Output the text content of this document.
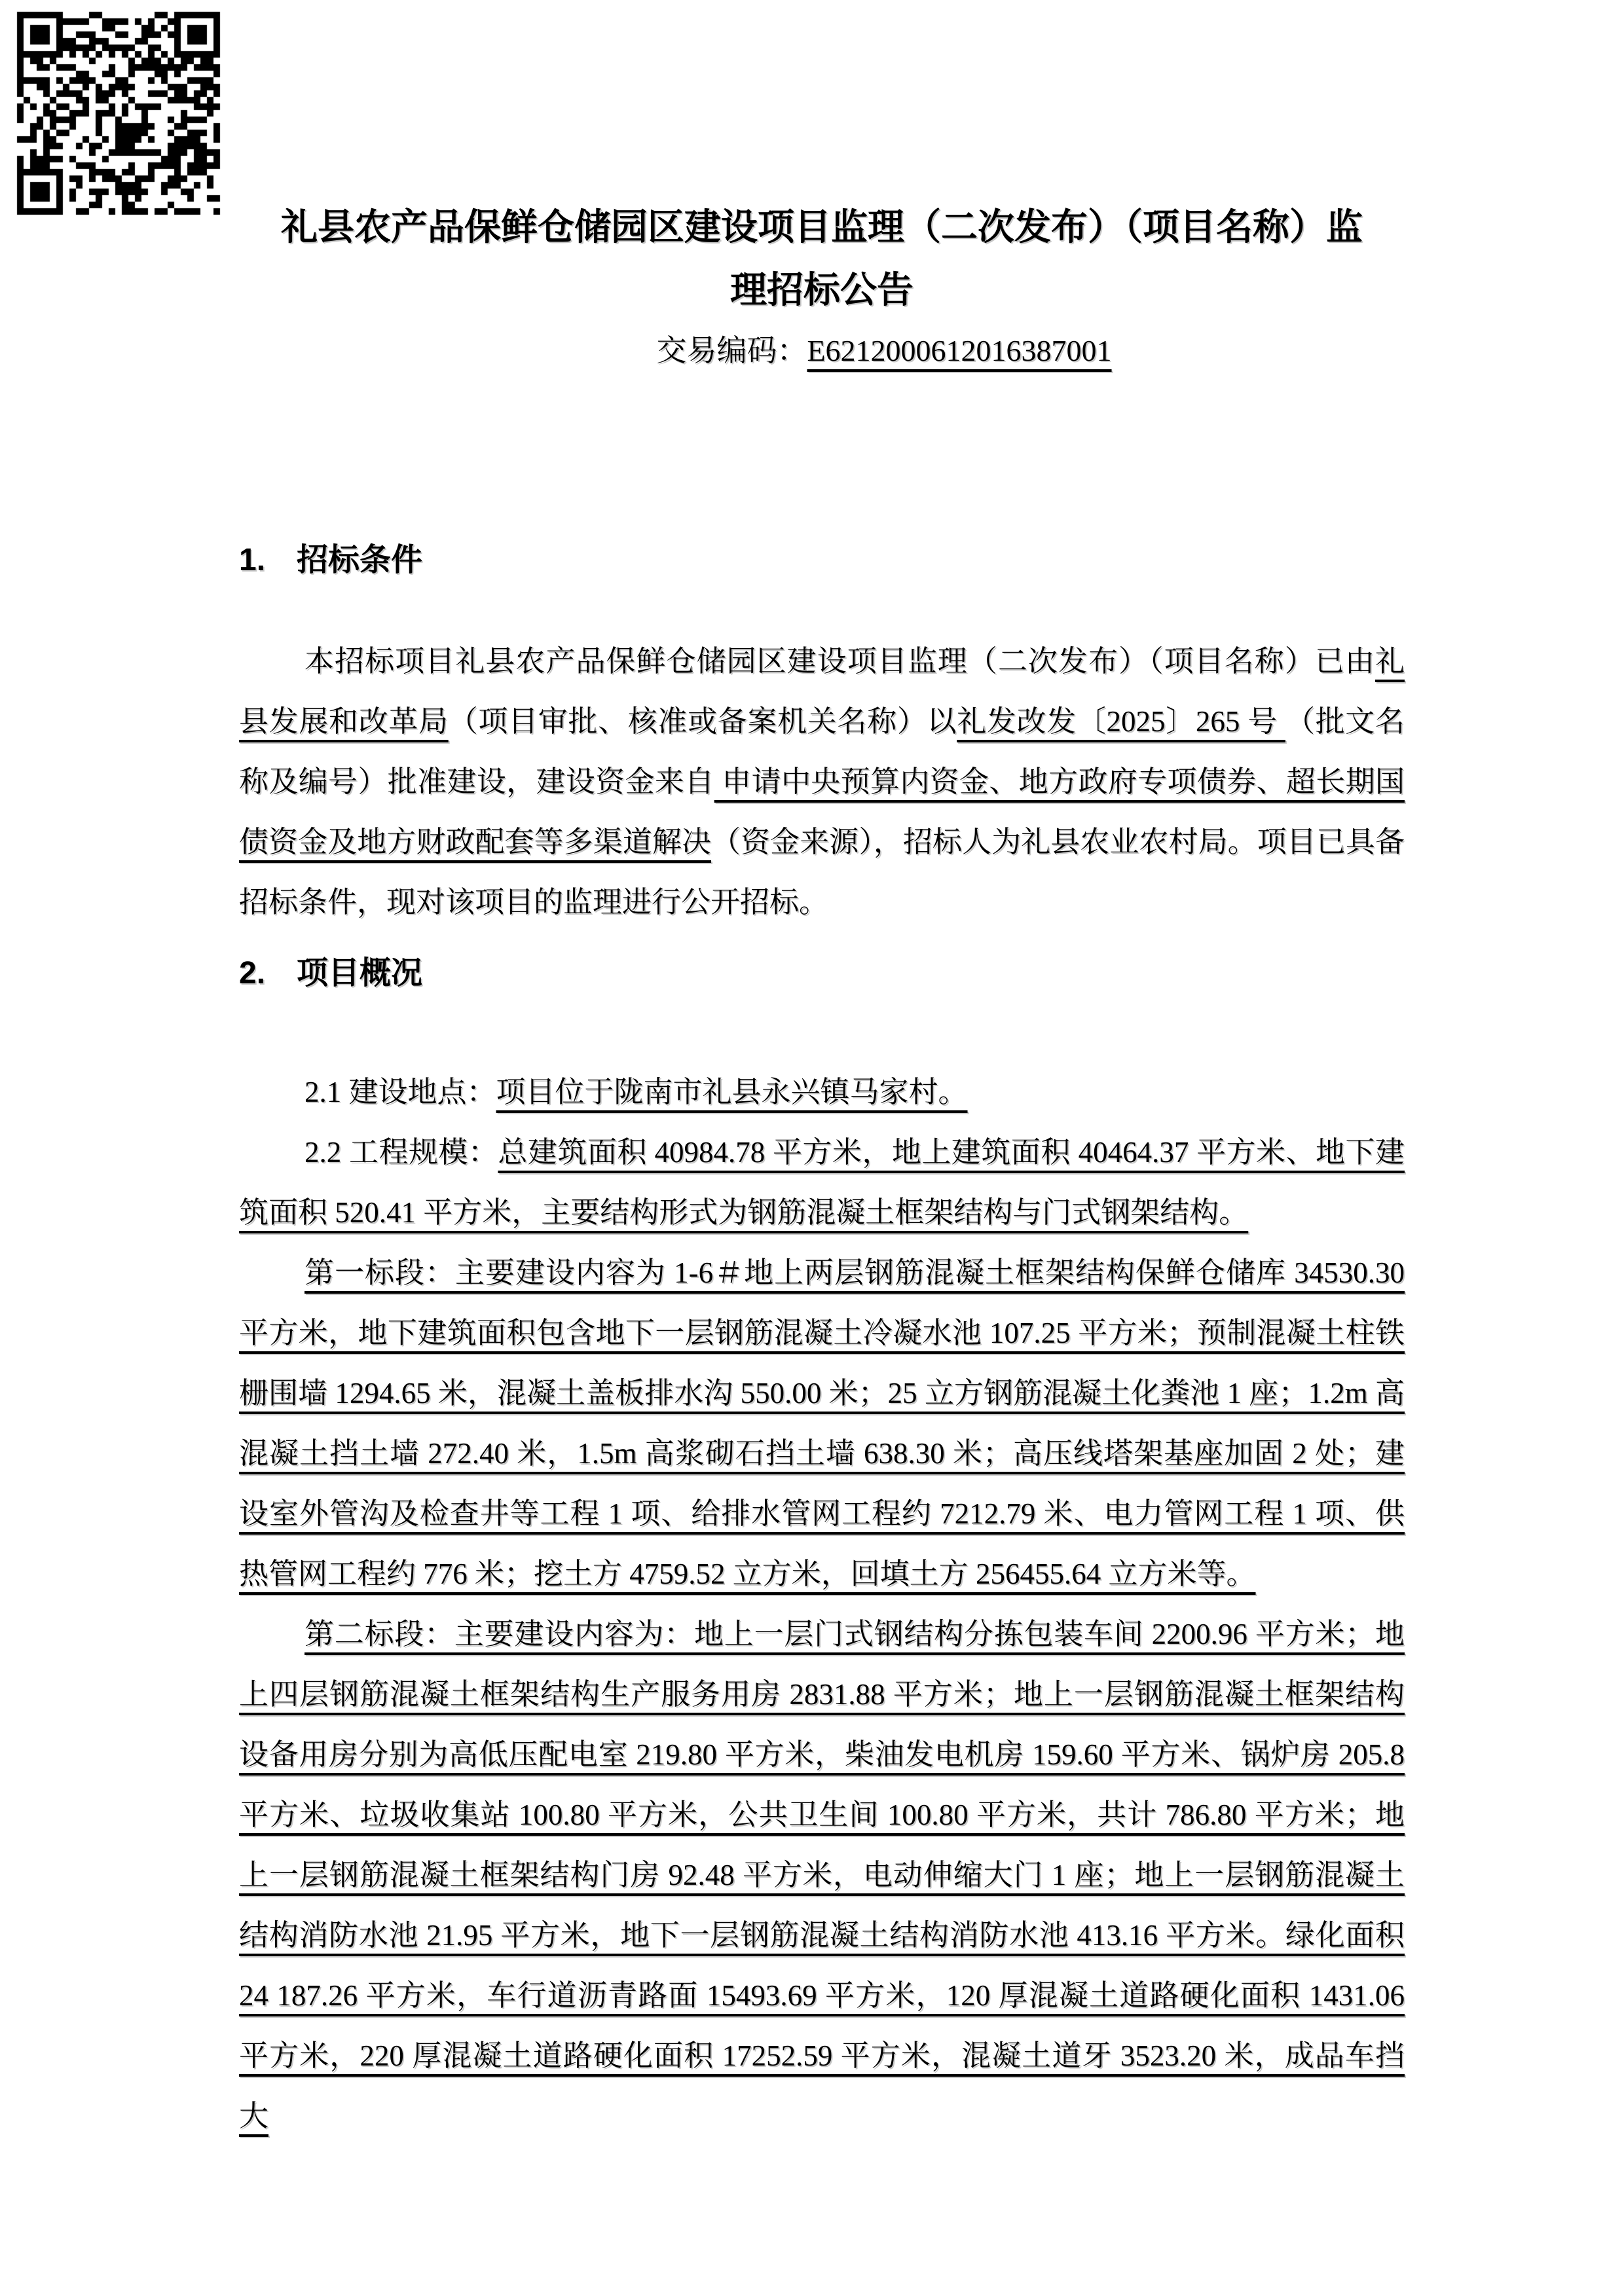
礼县农产品保鲜仓储园区建设项目监理（二次发布）（项目名称）监
理招标公告
交易编码：E6212000612016387001
1.　招标条件

本招标项目礼县农产品保鲜仓储园区建设项目监理（二次发布）（项目名称）已由礼县发展和改革局（项目审批、核准或备案机关名称）以礼发改发〔2025〕265 号 （批文名称及编号）批准建设，建设资金来自 申请中央预算内资金、地方政府专项债券、超长期国债资金及地方财政配套等多渠道解决（资金来源），招标人为礼县农业农村局。项目已具备招标条件，现对该项目的监理进行公开招标。

2.　项目概况

2.1 建设地点：项目位于陇南市礼县永兴镇马家村。

2.2 工程规模：总建筑面积 40984.78 平方米，地上建筑面积 40464.37 平方米、地下建筑面积 520.41 平方米，主要结构形式为钢筋混凝土框架结构与门式钢架结构。

第一标段：主要建设内容为 1-6＃地上两层钢筋混凝土框架结构保鲜仓储库 34530.30 平方米，地下建筑面积包含地下一层钢筋混凝土冷凝水池 107.25 平方米；预制混凝土柱铁栅围墙 1294.65 米，混凝土盖板排水沟 550.00 米；25 立方钢筋混凝土化粪池 1 座；1.2m 高混凝土挡土墙 272.40 米，1.5m 高浆砌石挡土墙 638.30 米；高压线塔架基座加固 2 处；建设室外管沟及检查井等工程 1 项、给排水管网工程约 7212.79 米、电力管网工程 1 项、供热管网工程约 776 米；挖土方 4759.52 立方米，回填土方 256455.64 立方米等。

第二标段：主要建设内容为：地上一层门式钢结构分拣包装车间 2200.96 平方米；地上四层钢筋混凝土框架结构生产服务用房 2831.88 平方米；地上一层钢筋混凝土框架结构设备用房分别为高低压配电室 219.80 平方米，柴油发电机房 159.60 平方米、锅炉房 205.8 平方米、垃圾收集站 100.80 平方米，公共卫生间 100.80 平方米，共计 786.80 平方米；地上一层钢筋混凝土框架结构门房 92.48 平方米，电动伸缩大门 1 座；地上一层钢筋混凝土结构消防水池 21.95 平方米，地下一层钢筋混凝土结构消防水池 413.16 平方米。绿化面积 24 187.26 平方米，车行道沥青路面 15493.69 平方米，120 厚混凝土道路硬化面积 1431.06 平方米，220 厚混凝土道路硬化面积 17252.59 平方米，混凝土道牙 3523.20 米，成品车挡大
